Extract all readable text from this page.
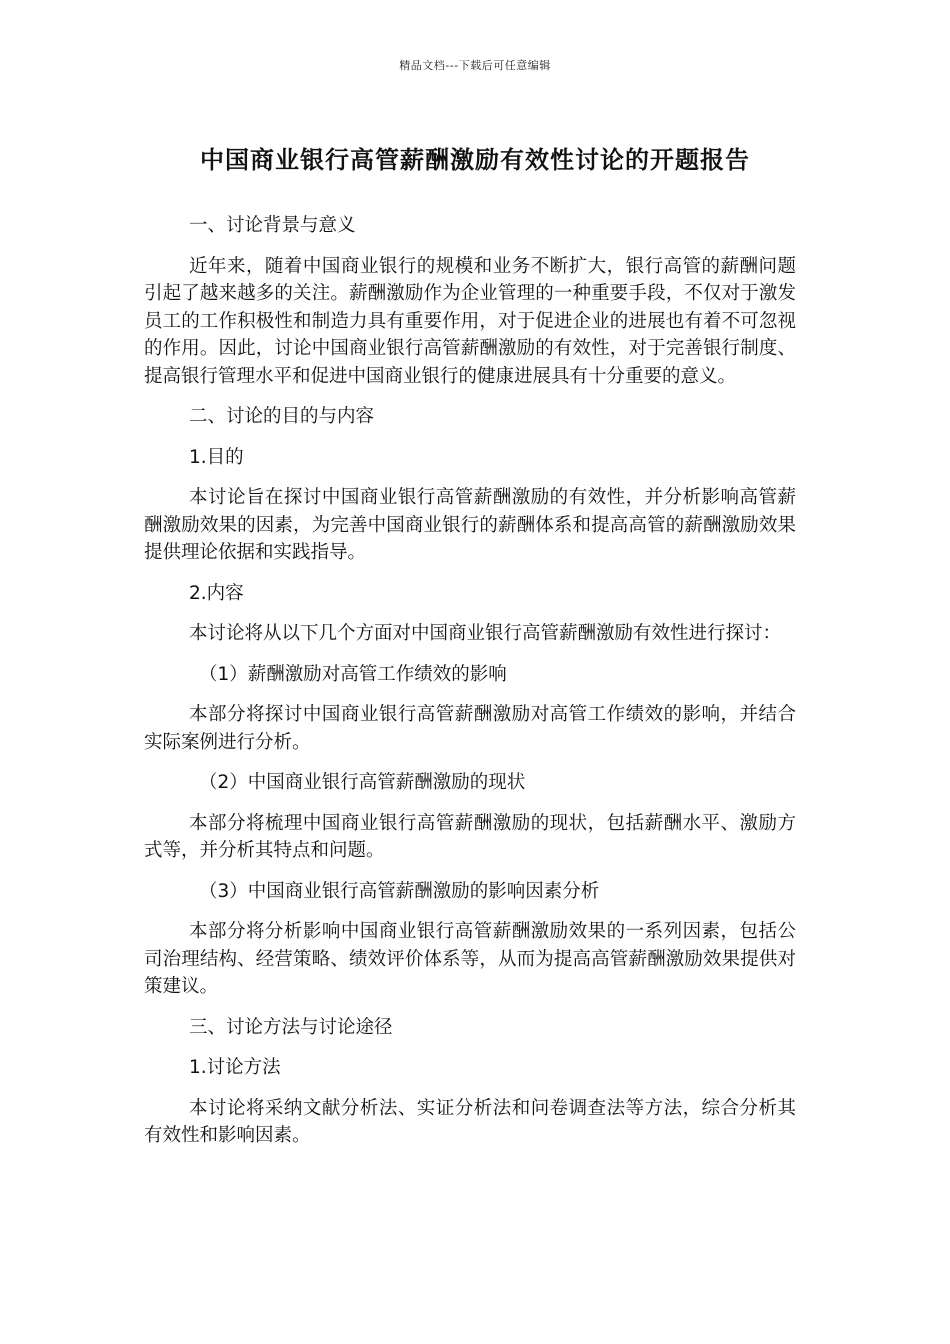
精品文档---下载后可任意编辑
中国商业银行高管薪酬激励有效性讨论的开题报告

一、讨论背景与意义

近年来，随着中国商业银行的规模和业务不断扩大，银行高管的薪酬问题引起了越来越多的关注。薪酬激励作为企业管理的一种重要手段，不仅对于激发员工的工作积极性和制造力具有重要作用，对于促进企业的进展也有着不可忽视的作用。因此，讨论中国商业银行高管薪酬激励的有效性，对于完善银行制度、提高银行管理水平和促进中国商业银行的健康进展具有十分重要的意义。

二、讨论的目的与内容

1.目的

本讨论旨在探讨中国商业银行高管薪酬激励的有效性，并分析影响高管薪酬激励效果的因素，为完善中国商业银行的薪酬体系和提高高管的薪酬激励效果提供理论依据和实践指导。

2.内容

本讨论将从以下几个方面对中国商业银行高管薪酬激励有效性进行探讨：

（1）薪酬激励对高管工作绩效的影响

本部分将探讨中国商业银行高管薪酬激励对高管工作绩效的影响，并结合实际案例进行分析。

（2）中国商业银行高管薪酬激励的现状

本部分将梳理中国商业银行高管薪酬激励的现状，包括薪酬水平、激励方式等，并分析其特点和问题。

（3）中国商业银行高管薪酬激励的影响因素分析

本部分将分析影响中国商业银行高管薪酬激励效果的一系列因素，包括公司治理结构、经营策略、绩效评价体系等，从而为提高高管薪酬激励效果提供对策建议。

三、讨论方法与讨论途径

1.讨论方法

本讨论将采纳文献分析法、实证分析法和问卷调查法等方法，综合分析其有效性和影响因素。
